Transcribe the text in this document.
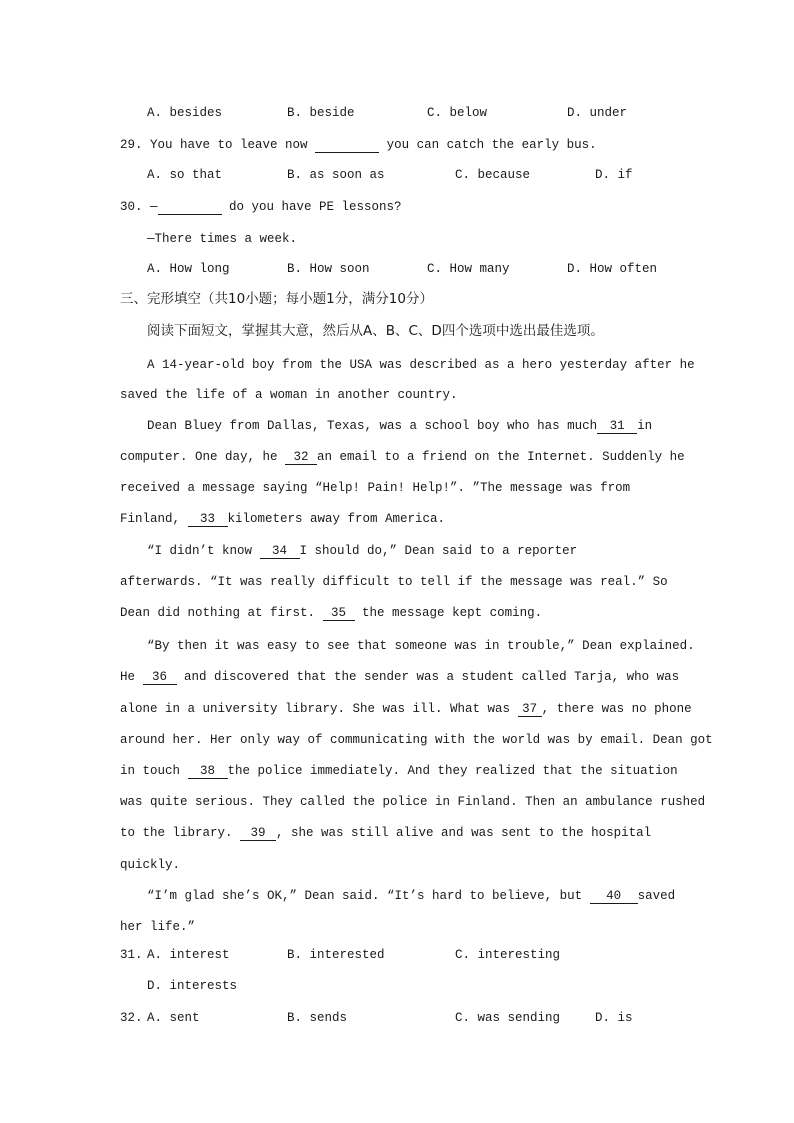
A. besides	B. beside	C. below	D. under
29. You have to leave now	you can catch the early bus.
A. so that	B. as soon as	C. because	D. if
30. —	do you have PE lessons?
—There times a week.
A. How long	B. How soon	C. How many	D. How often
三、完形填空（共10小题；每小题1分，满分10分）
阅读下面短文，掌握其大意，然后从A、B、C、D四个选项中选出最佳选项。
A 14-year-old boy from the USA was described as a hero yesterday after he
saved the life of a woman in another country.
Dean Bluey from Dallas, Texas, was a school boy who has much 31 in
computer. One day, he 32 an email to a friend on the Internet. Suddenly he
received a message saying “Help! Pain! Help!”. ”The message was from
Finland, 33 kilometers away from America.
“I didn’t know 34 I should do,” Dean said to a reporter
afterwards. “It was really difficult to tell if the message was real.” So
Dean did nothing at first. 35 the message kept coming.
“By then it was easy to see that someone was in trouble,” Dean explained.
He 36 and discovered that the sender was a student called Tarja, who was
alone in a university library. She was ill. What was 37 , there was no phone
around her. Her only way of communicating with the world was by email. Dean got
in touch 38 the police immediately. And they realized that the situation
was quite serious. They called the police in Finland. Then an ambulance rushed
to the library. 39 , she was still alive and was sent to the hospital
quickly.
“I’m glad she’s OK,” Dean said. “It’s hard to believe, but 40 saved
her life.”
31. A. interest	B. interested	C. interesting
D. interests
32. A. sent	B. sends	C. was sending	D. is
